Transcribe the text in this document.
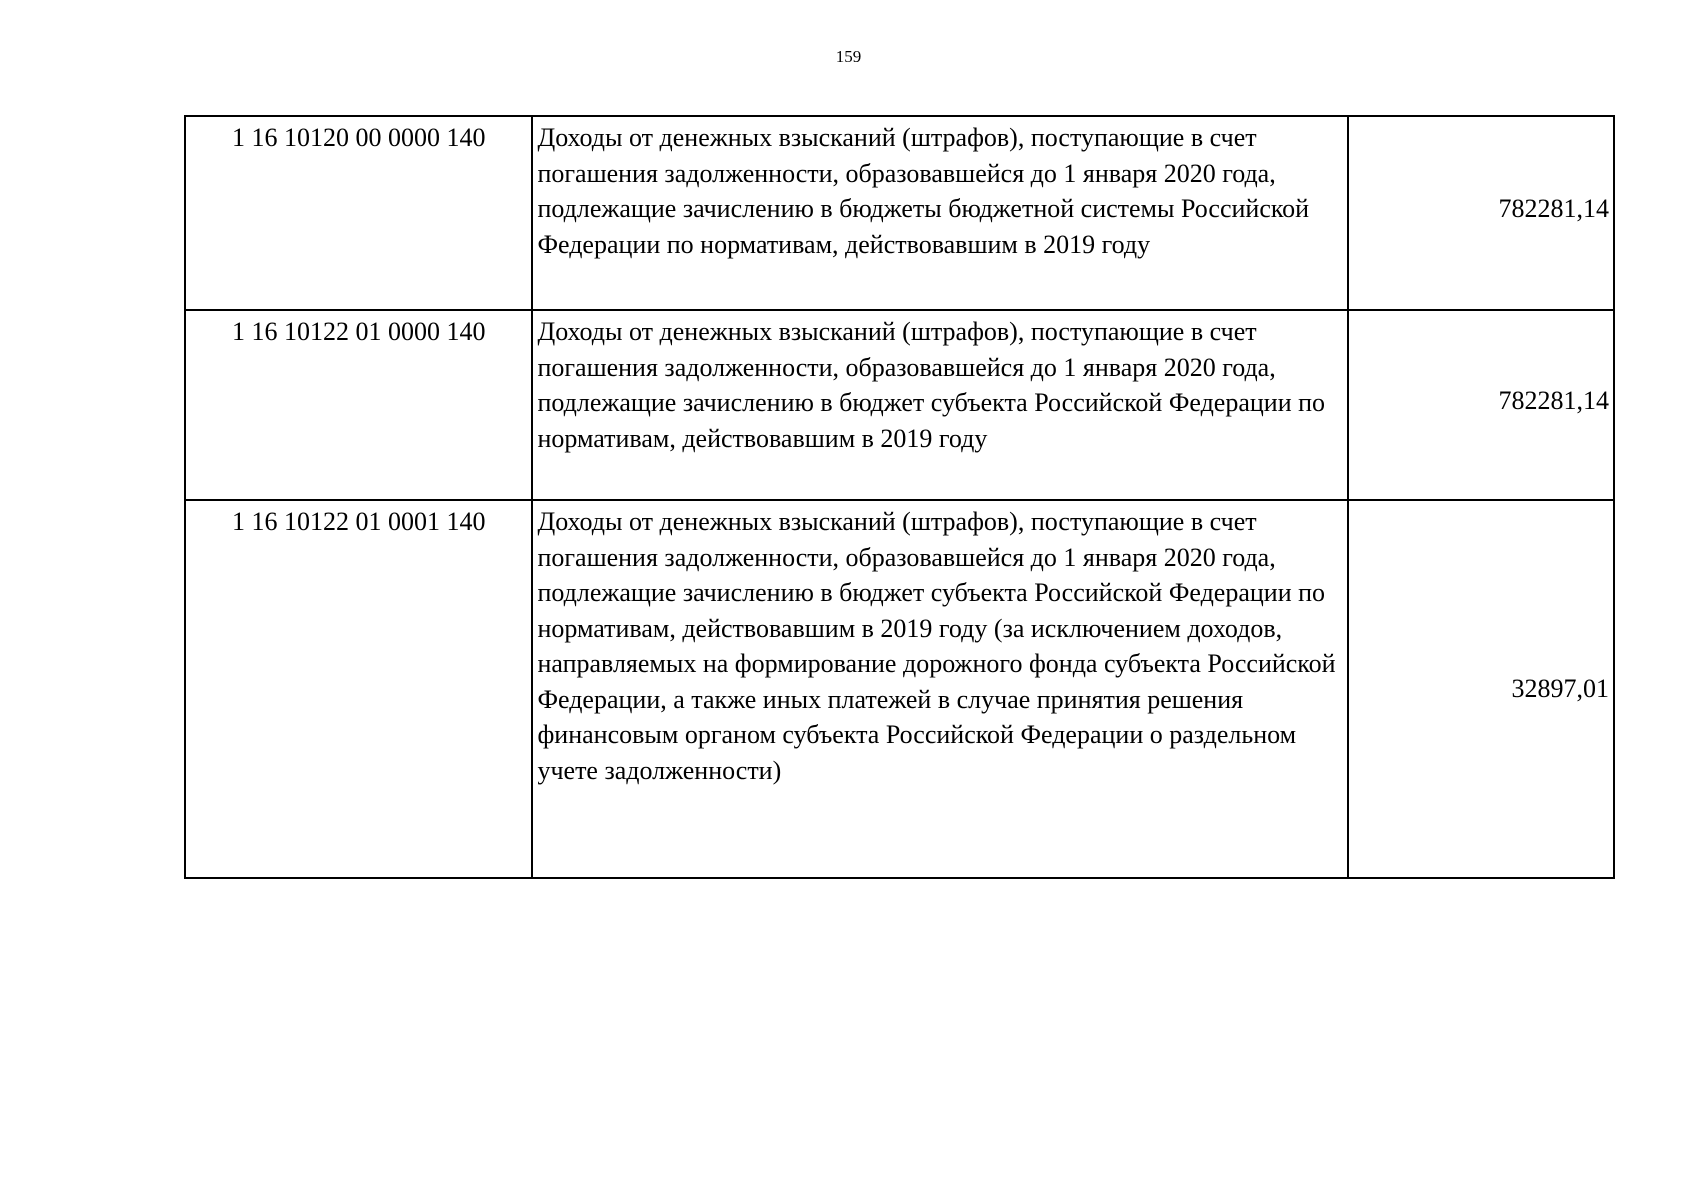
159
1 16 10120 00 0000 140	Доходы от денежных взысканий (штрафов), поступающие в счет погашения задолженности, образовавшейся до 1 января 2020 года, подлежащие зачислению в бюджеты бюджетной системы Российской Федерации по нормативам, действовавшим в 2019 году	782281,14
1 16 10122 01 0000 140	Доходы от денежных взысканий (штрафов), поступающие в счет погашения задолженности, образовавшейся до 1 января 2020 года, подлежащие зачислению в бюджет субъекта Российской Федерации по нормативам, действовавшим в 2019 году	782281,14
1 16 10122 01 0001 140	Доходы от денежных взысканий (штрафов), поступающие в счет погашения задолженности, образовавшейся до 1 января 2020 года, подлежащие зачислению в бюджет субъекта Российской Федерации по нормативам, действовавшим в 2019 году (за исключением доходов, направляемых на формирование дорожного фонда субъекта Российской Федерации, а также иных платежей в случае принятия решения финансовым органом субъекта Российской Федерации о раздельном учете задолженности)	32897,01
